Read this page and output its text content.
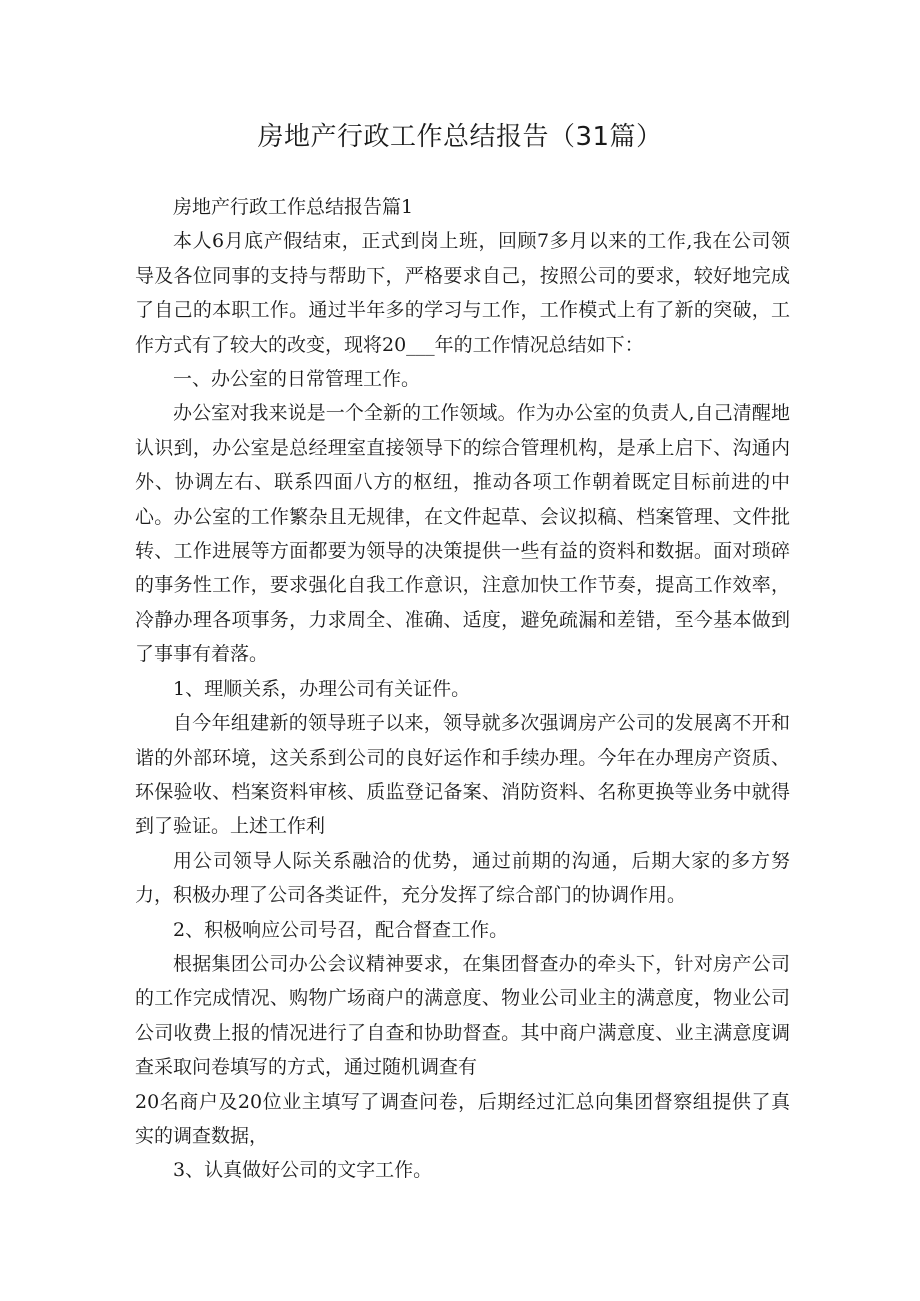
房地产行政工作总结报告（31篇）

房地产行政工作总结报告篇1

本人6月底产假结束，正式到岗上班，回顾7多月以来的工作,我在公司领导及各位同事的支持与帮助下，严格要求自己，按照公司的要求，较好地完成了自己的本职工作。通过半年多的学习与工作，工作模式上有了新的突破，工作方式有了较大的改变，现将20___年的工作情况总结如下：

一、办公室的日常管理工作。

办公室对我来说是一个全新的工作领域。作为办公室的负责人,自己清醒地认识到，办公室是总经理室直接领导下的综合管理机构，是承上启下、沟通内外、协调左右、联系四面八方的枢纽，推动各项工作朝着既定目标前进的中心。办公室的工作繁杂且无规律，在文件起草、会议拟稿、档案管理、文件批转、工作进展等方面都要为领导的决策提供一些有益的资料和数据。面对琐碎的事务性工作，要求强化自我工作意识，注意加快工作节奏，提高工作效率，冷静办理各项事务，力求周全、准确、适度，避免疏漏和差错，至今基本做到了事事有着落。

1、理顺关系，办理公司有关证件。

自今年组建新的领导班子以来，领导就多次强调房产公司的发展离不开和谐的外部环境，这关系到公司的良好运作和手续办理。今年在办理房产资质、环保验收、档案资料审核、质监登记备案、消防资料、名称更换等业务中就得到了验证。上述工作利

用公司领导人际关系融洽的优势，通过前期的沟通，后期大家的多方努力，积极办理了公司各类证件，充分发挥了综合部门的协调作用。

2、积极响应公司号召，配合督查工作。

根据集团公司办公会议精神要求，在集团督查办的牵头下，针对房产公司的工作完成情况、购物广场商户的满意度、物业公司业主的满意度，物业公司公司收费上报的情况进行了自查和协助督查。其中商户满意度、业主满意度调查采取问卷填写的方式，通过随机调查有

20名商户及20位业主填写了调查问卷，后期经过汇总向集团督察组提供了真实的调查数据，

3、认真做好公司的文字工作。
